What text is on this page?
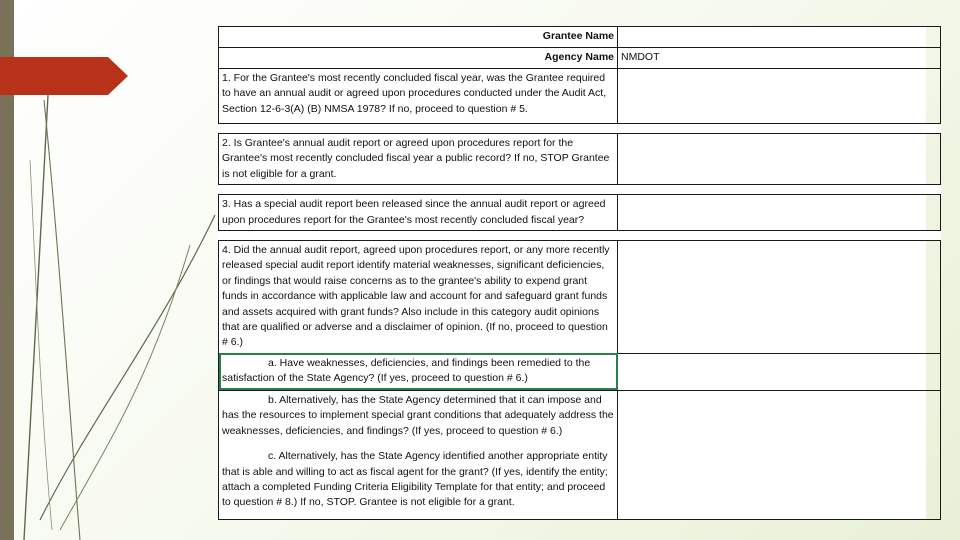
Grantee Name	
Agency Name	NMDOT
1. For the Grantee's most recently concluded fiscal year, was the Grantee required to have an annual audit or agreed upon procedures conducted under the Audit Act, Section 12-6-3(A) (B) NMSA 1978? If no, proceed to question # 5.	

2. Is Grantee's annual audit report or agreed upon procedures report for the Grantee's most recently concluded fiscal year a public record? If no, STOP Grantee is not eligible for a grant.	

3. Has a special audit report been released since the annual audit report or agreed upon procedures report for the Grantee's most recently concluded fiscal year?	

4. Did the annual audit report, agreed upon procedures report, or any more recently released special audit report identify material weaknesses, significant deficiencies, or findings that would raise concerns as to the grantee's ability to expend grant funds in accordance with applicable law and account for and safeguard grant funds and assets acquired with grant funds? Also include in this category audit opinions that are qualified or adverse and a disclaimer of opinion. (If no, proceed to question # 6.)	

a. Have weaknesses, deficiencies, and findings been remedied to the satisfaction of the State Agency? (If yes, proceed to question # 6.)	

b. Alternatively, has the State Agency determined that it can impose and has the resources to implement special grant conditions that adequately address the weaknesses, deficiencies, and findings? (If yes, proceed to question # 6.)
c. Alternatively, has the State Agency identified another appropriate entity that is able and willing to act as fiscal agent for the grant? (If yes, identify the entity; attach a completed Funding Criteria Eligibility Template for that entity; and proceed to question # 8.) If no, STOP. Grantee is not eligible for a grant.	
